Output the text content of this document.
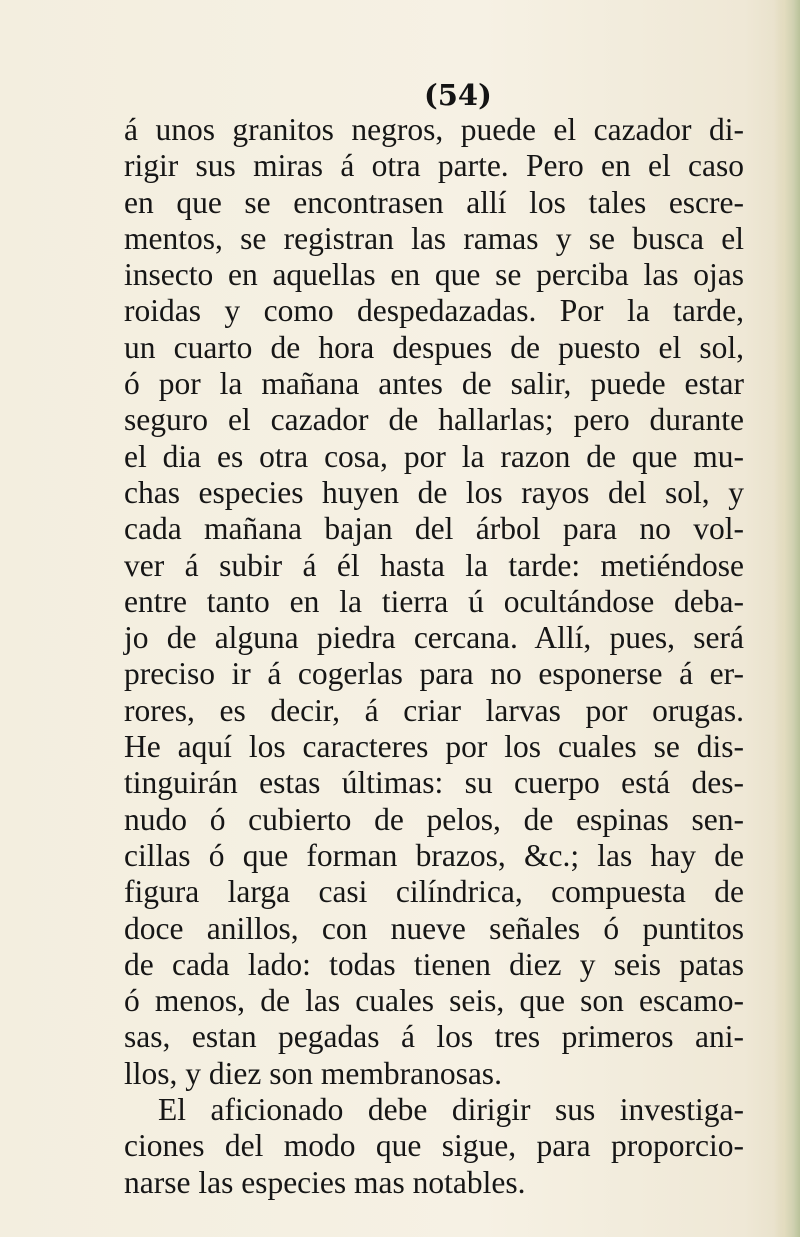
(54)
á unos granitos negros, puede el cazador di-
rigir sus miras á otra parte. Pero en el caso
en que se encontrasen allí los tales escre-
mentos, se registran las ramas y se busca el
insecto en aquellas en que se perciba las ojas
roidas y como despedazadas. Por la tarde,
un cuarto de hora despues de puesto el sol,
ó por la mañana antes de salir, puede estar
seguro el cazador de hallarlas; pero durante
el dia es otra cosa, por la razon de que mu-
chas especies huyen de los rayos del sol, y
cada mañana bajan del árbol para no vol-
ver á subir á él hasta la tarde: metiéndose
entre tanto en la tierra ú ocultándose deba-
jo de alguna piedra cercana. Allí, pues, será
preciso ir á cogerlas para no esponerse á er-
rores, es decir, á criar larvas por orugas.
He aquí los caracteres por los cuales se dis-
tinguirán estas últimas: su cuerpo está des-
nudo ó cubierto de pelos, de espinas sen-
cillas ó que forman brazos, &c.; las hay de
figura larga casi cilíndrica, compuesta de
doce anillos, con nueve señales ó puntitos
de cada lado: todas tienen diez y seis patas
ó menos, de las cuales seis, que son escamo-
sas, estan pegadas á los tres primeros ani-
llos, y diez son membranosas.
El aficionado debe dirigir sus investiga-
ciones del modo que sigue, para proporcio-
narse las especies mas notables.
